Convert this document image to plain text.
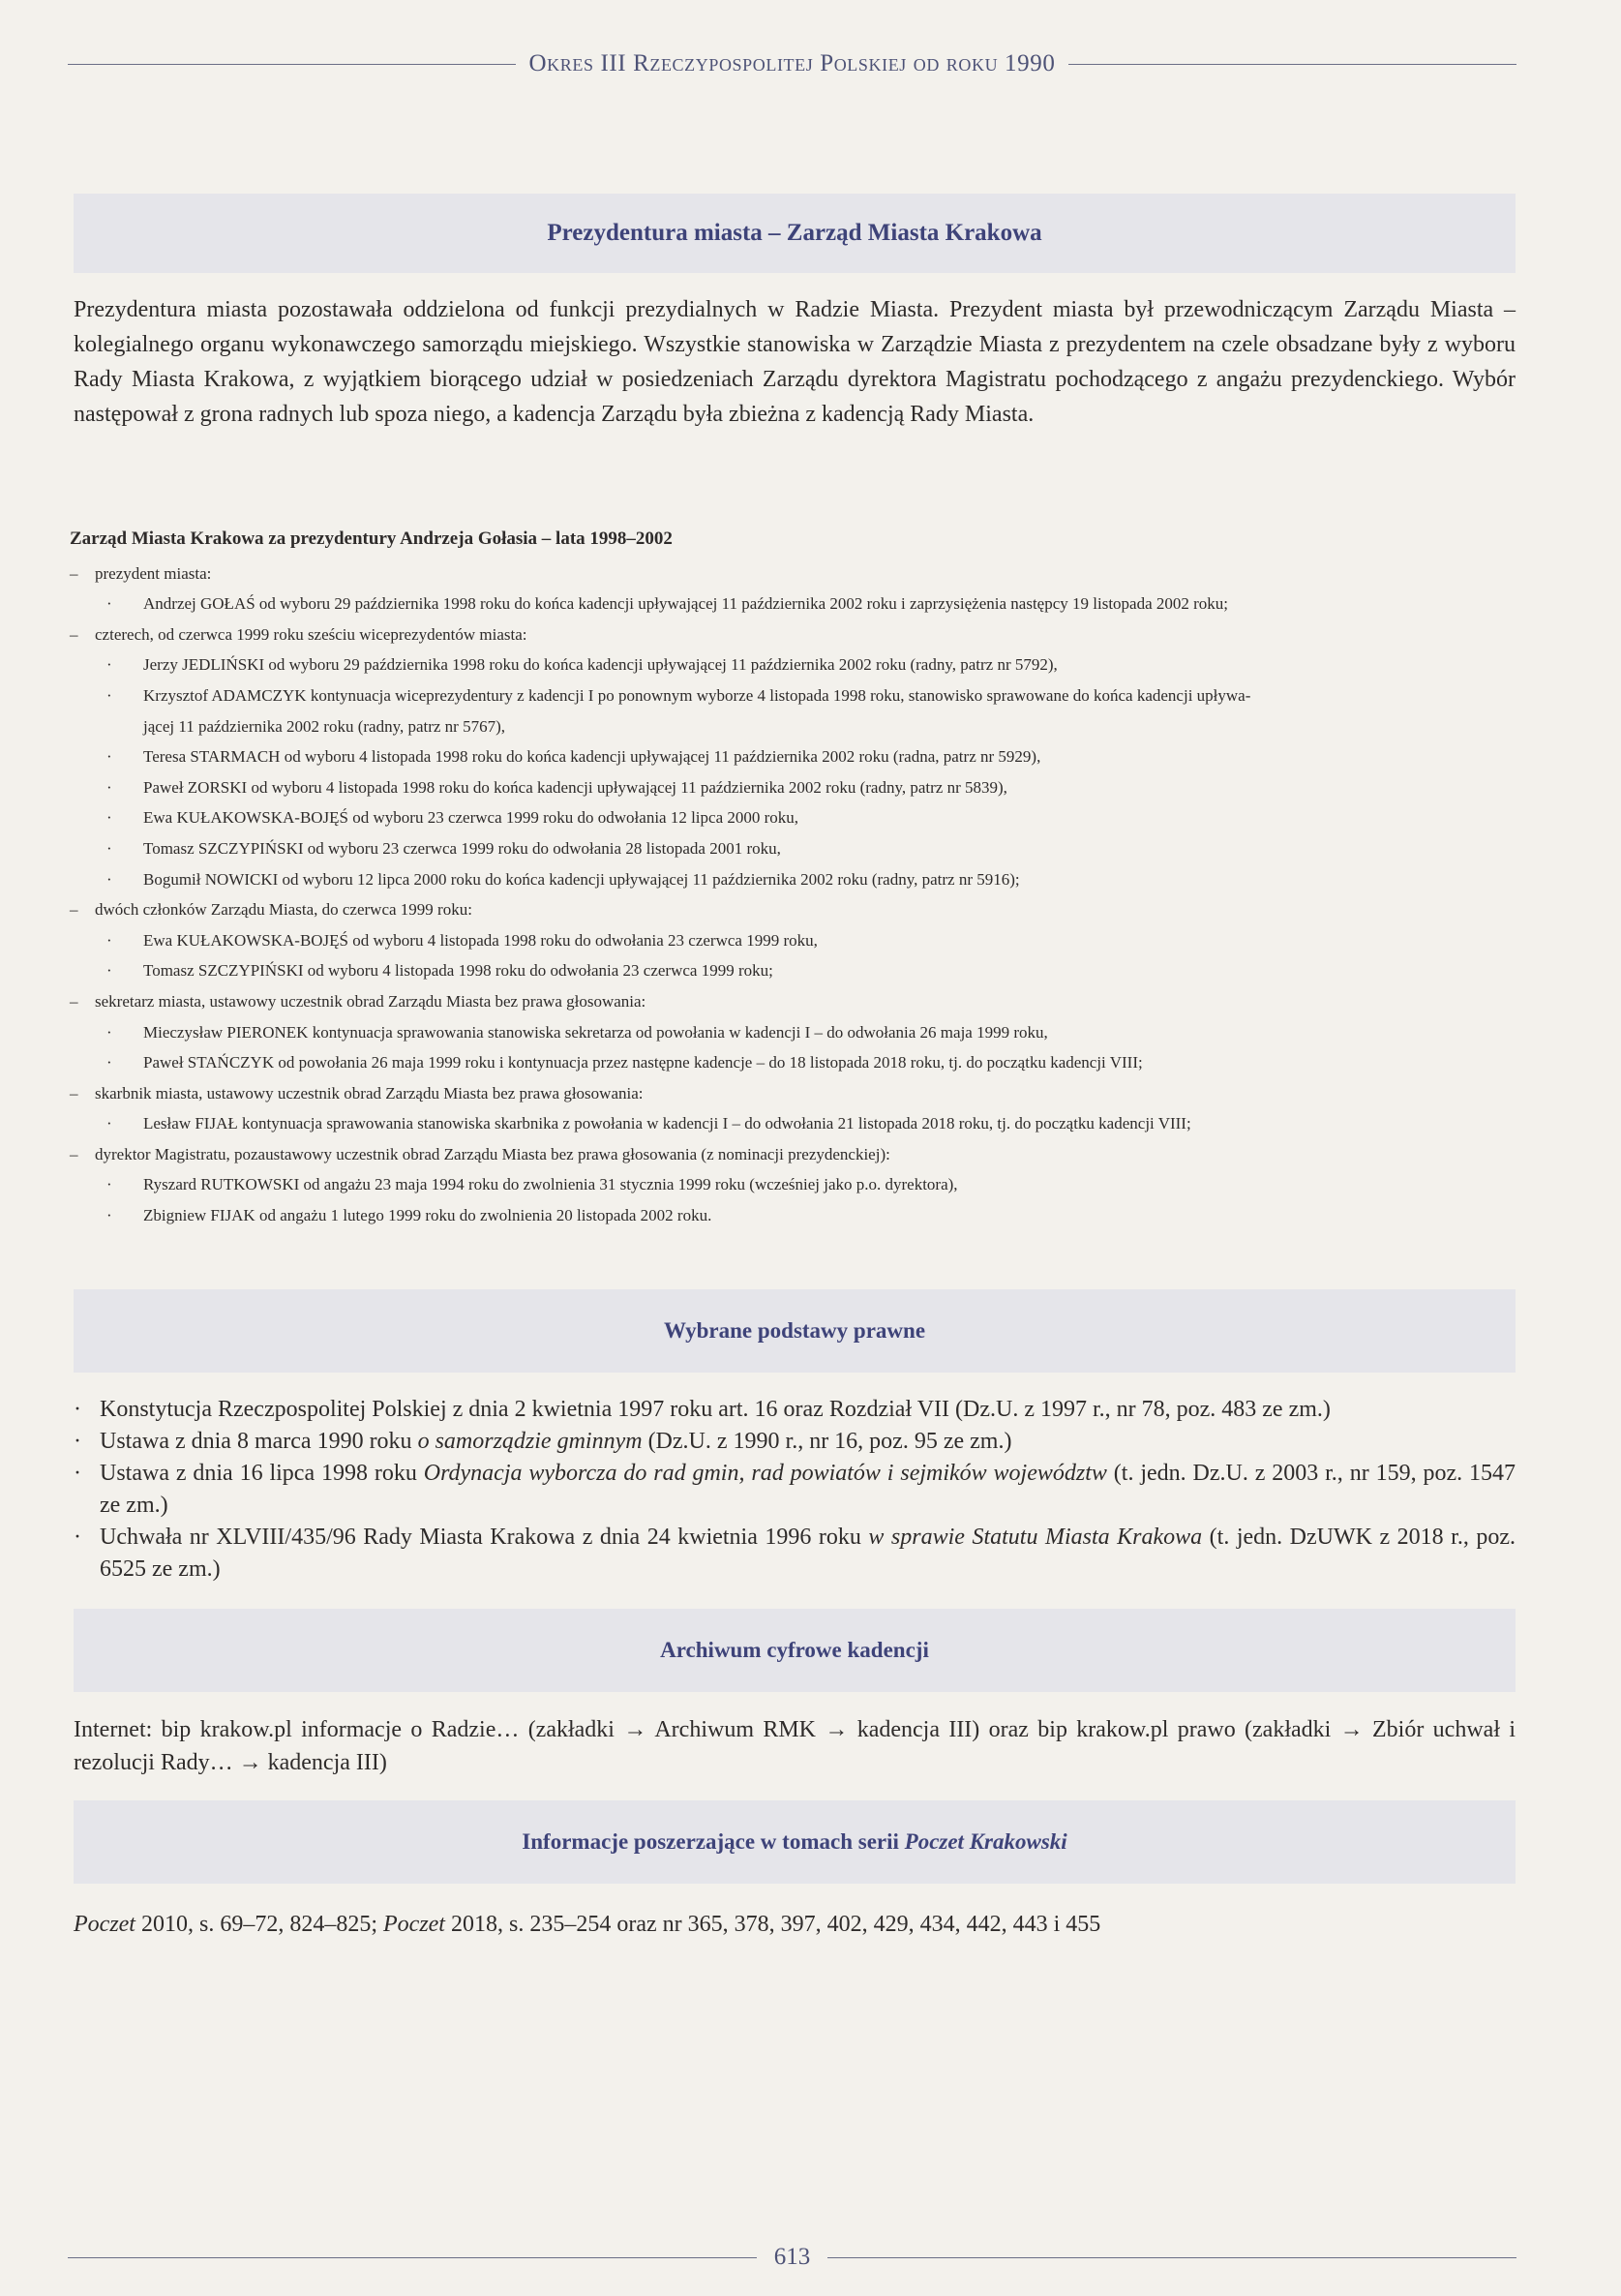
Okres III Rzeczypospolitej Polskiej od roku 1990
Prezydentura miasta – Zarząd Miasta Krakowa
Prezydentura miasta pozostawała oddzielona od funkcji prezydialnych w Radzie Miasta. Prezydent miasta był przewodniczącym Zarządu Miasta – kolegialnego organu wykonawczego samorządu miejskiego. Wszystkie stanowiska w Zarządzie Miasta z prezydentem na czele obsadzane były z wyboru Rady Miasta Krakowa, z wyjątkiem biorącego udział w posiedzeniach Zarządu dyrektora Magistratu pochodzącego z angażu prezydenckiego. Wybór następował z grona radnych lub spoza niego, a kadencja Zarządu była zbieżna z kadencją Rady Miasta.
Zarząd Miasta Krakowa za prezydentury Andrzeja Gołasia – lata 1998–2002
– prezydent miasta:
· Andrzej GOŁAŚ od wyboru 29 października 1998 roku do końca kadencji upływającej 11 października 2002 roku i zaprzysiężenia następcy 19 listopada 2002 roku;
– czterech, od czerwca 1999 roku sześciu wiceprezydentów miasta:
· Jerzy JEDLIŃSKI od wyboru 29 października 1998 roku do końca kadencji upływającej 11 października 2002 roku (radny, patrz nr 5792),
· Krzysztof ADAMCZYK kontynuacja wiceprezydentury z kadencji I po ponownym wyborze 4 listopada 1998 roku, stanowisko sprawowane do końca kadencji upływa-
jącej 11 października 2002 roku (radny, patrz nr 5767),
· Teresa STARMACH od wyboru 4 listopada 1998 roku do końca kadencji upływającej 11 października 2002 roku (radna, patrz nr 5929),
· Paweł ZORSKI od wyboru 4 listopada 1998 roku do końca kadencji upływającej 11 października 2002 roku (radny, patrz nr 5839),
· Ewa KUŁAKOWSKA-BOJĘŚ od wyboru 23 czerwca 1999 roku do odwołania 12 lipca 2000 roku,
· Tomasz SZCZYPIŃSKI od wyboru 23 czerwca 1999 roku do odwołania 28 listopada 2001 roku,
· Bogumił NOWICKI od wyboru 12 lipca 2000 roku do końca kadencji upływającej 11 października 2002 roku (radny, patrz nr 5916);
– dwóch członków Zarządu Miasta, do czerwca 1999 roku:
· Ewa KUŁAKOWSKA-BOJĘŚ od wyboru 4 listopada 1998 roku do odwołania 23 czerwca 1999 roku,
· Tomasz SZCZYPIŃSKI od wyboru 4 listopada 1998 roku do odwołania 23 czerwca 1999 roku;
– sekretarz miasta, ustawowy uczestnik obrad Zarządu Miasta bez prawa głosowania:
· Mieczysław PIERONEK kontynuacja sprawowania stanowiska sekretarza od powołania w kadencji I – do odwołania 26 maja 1999 roku,
· Paweł STAŃCZYK od powołania 26 maja 1999 roku i kontynuacja przez następne kadencje – do 18 listopada 2018 roku, tj. do początku kadencji VIII;
– skarbnik miasta, ustawowy uczestnik obrad Zarządu Miasta bez prawa głosowania:
· Lesław FIJAŁ kontynuacja sprawowania stanowiska skarbnika z powołania w kadencji I – do odwołania 21 listopada 2018 roku, tj. do początku kadencji VIII;
– dyrektor Magistratu, pozaustawowy uczestnik obrad Zarządu Miasta bez prawa głosowania (z nominacji prezydenckiej):
· Ryszard RUTKOWSKI od angażu 23 maja 1994 roku do zwolnienia 31 stycznia 1999 roku (wcześniej jako p.o. dyrektora),
· Zbigniew FIJAK od angażu 1 lutego 1999 roku do zwolnienia 20 listopada 2002 roku.
Wybrane podstawy prawne
· Konstytucja Rzeczpospolitej Polskiej z dnia 2 kwietnia 1997 roku art. 16 oraz Rozdział VII (Dz.U. z 1997 r., nr 78, poz. 483 ze zm.)
· Ustawa z dnia 8 marca 1990 roku o samorządzie gminnym (Dz.U. z 1990 r., nr 16, poz. 95 ze zm.)
· Ustawa z dnia 16 lipca 1998 roku Ordynacja wyborcza do rad gmin, rad powiatów i sejmików województw (t. jedn. Dz.U. z 2003 r., nr 159, poz. 1547 ze zm.)
· Uchwała nr XLVIII/435/96 Rady Miasta Krakowa z dnia 24 kwietnia 1996 roku w sprawie Statutu Miasta Krakowa (t. jedn. DzUWK z 2018 r., poz. 6525 ze zm.)
Archiwum cyfrowe kadencji
Internet: bip krakow.pl informacje o Radzie… (zakładki → Archiwum RMK → kadencja III) oraz bip krakow.pl prawo (zakładki → Zbiór uchwał i rezolucji Rady… → kadencja III)
Informacje poszerzające w tomach serii Poczet Krakowski
Poczet 2010, s. 69–72, 824–825; Poczet 2018, s. 235–254 oraz nr 365, 378, 397, 402, 429, 434, 442, 443 i 455
613
